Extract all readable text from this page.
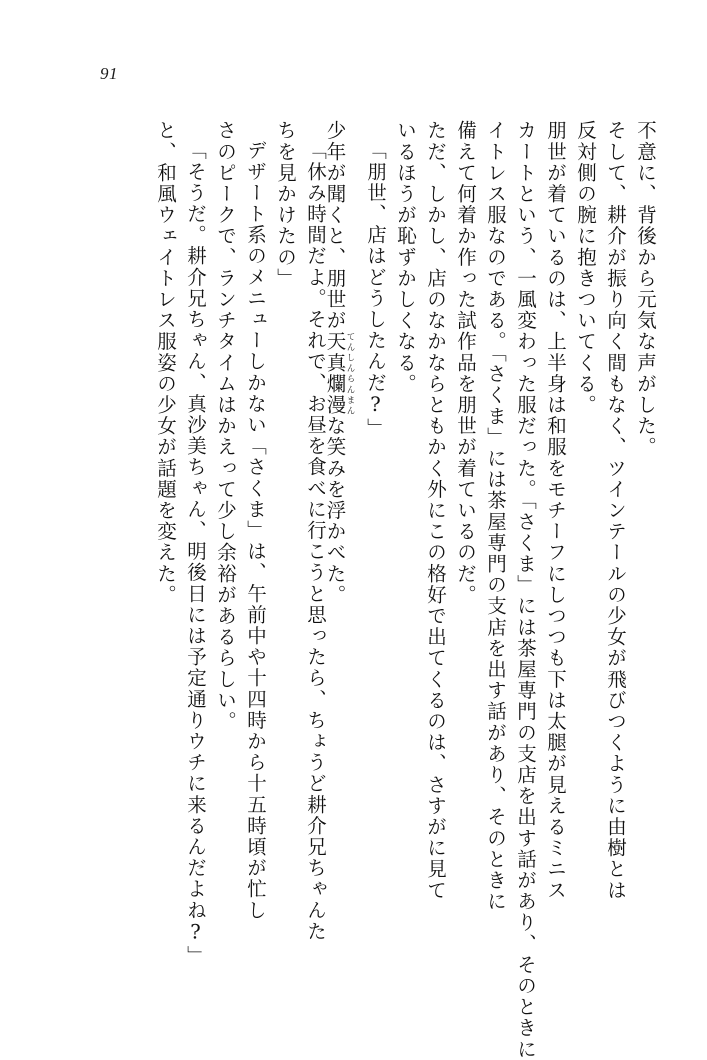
91
不意に、背後から元気な声がした。
そして、耕介が振り向く間もなく、ツインテールの少女が飛びつくように由樹とは
反対側の腕に抱きついてくる。
朋世が着ているのは、上半身は和服をモチーフにしつつも下は太腿が見えるミニス
カートという、一風変わった服だった。「さくま」には茶屋専門の支店を出す話があり、そのときに
イトレス服なのである。「さくま」には茶屋専門の支店を出す話があり、そのときに
備えて何着か作った試作品を朋世が着ているのだ。
ただ、しかし、店のなかならともかく外にこの格好で出てくるのは、さすがに見て
いるほうが恥ずかしくなる。
「朋世、店はどうしたんだ?」
少年が聞くと、朋世が天真爛漫てんしんらんまんな笑みを浮かべた。
「休み時間だよ。それで、お昼を食べに行こうと思ったら、ちょうど耕介兄ちゃんた
ちを見かけたの」
デザート系のメニューしかない「さくま」は、午前中や十四時から十五時頃が忙し
さのピークで、ランチタイムはかえって少し余裕があるらしい。
「そうだ。耕介兄ちゃん、真沙美ちゃん、明後日には予定通りウチに来るんだよね?」
と、和風ウェイトレス服姿の少女が話題を変えた。
